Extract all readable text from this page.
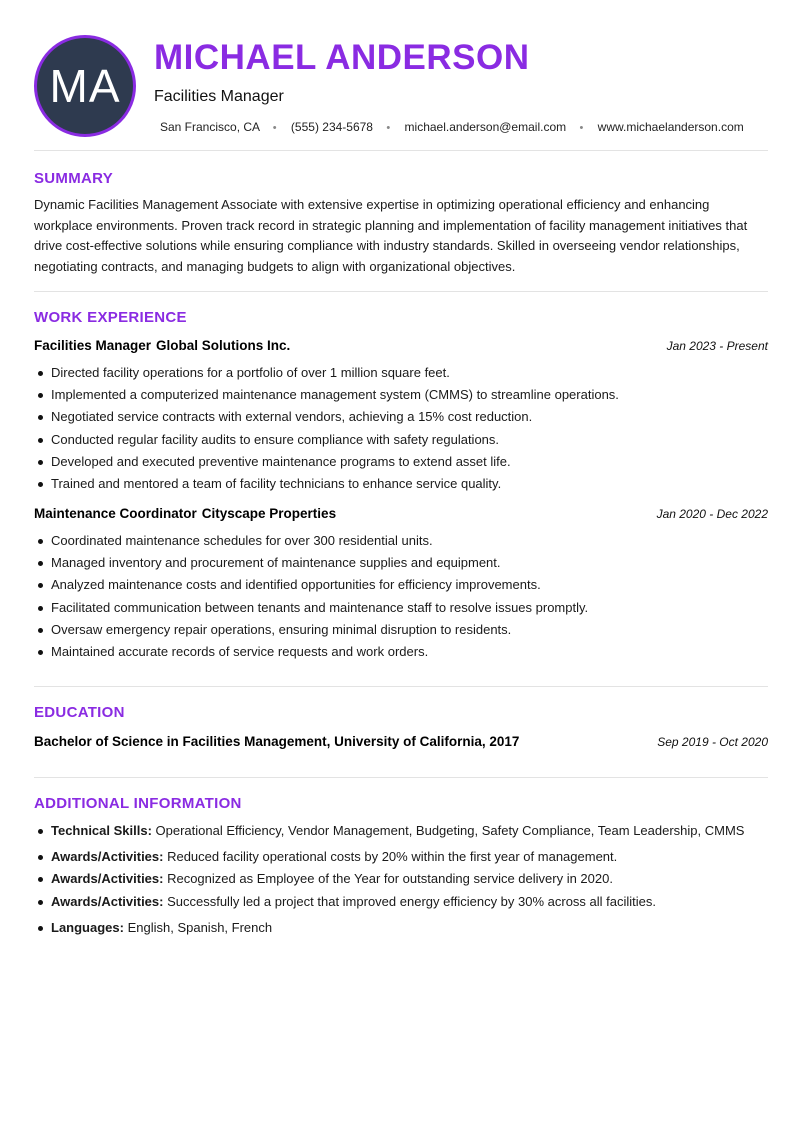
MA
MICHAEL ANDERSON
Facilities Manager
San Francisco, CA • (555) 234-5678 • michael.anderson@email.com • www.michaelanderson.com
SUMMARY

Dynamic Facilities Management Associate with extensive expertise in optimizing operational efficiency and enhancing workplace environments. Proven track record in strategic planning and implementation of facility management initiatives that drive cost-effective solutions while ensuring compliance with industry standards. Skilled in overseeing vendor relationships, negotiating contracts, and managing budgets to align with organizational objectives.

WORK EXPERIENCE
Facilities Manager Global Solutions Inc.	Jan 2023 - Present
Directed facility operations for a portfolio of over 1 million square feet.
Implemented a computerized maintenance management system (CMMS) to streamline operations.
Negotiated service contracts with external vendors, achieving a 15% cost reduction.
Conducted regular facility audits to ensure compliance with safety regulations.
Developed and executed preventive maintenance programs to extend asset life.
Trained and mentored a team of facility technicians to enhance service quality.
Maintenance Coordinator Cityscape Properties	Jan 2020 - Dec 2022
Coordinated maintenance schedules for over 300 residential units.
Managed inventory and procurement of maintenance supplies and equipment.
Analyzed maintenance costs and identified opportunities for efficiency improvements.
Facilitated communication between tenants and maintenance staff to resolve issues promptly.
Oversaw emergency repair operations, ensuring minimal disruption to residents.
Maintained accurate records of service requests and work orders.
EDUCATION
Bachelor of Science in Facilities Management, University of California, 2017	Sep 2019 - Oct 2020
ADDITIONAL INFORMATION
Technical Skills: Operational Efficiency, Vendor Management, Budgeting, Safety Compliance, Team Leadership, CMMS
Awards/Activities: Reduced facility operational costs by 20% within the first year of management.
Awards/Activities: Recognized as Employee of the Year for outstanding service delivery in 2020.
Awards/Activities: Successfully led a project that improved energy efficiency by 30% across all facilities.
Languages: English, Spanish, French
